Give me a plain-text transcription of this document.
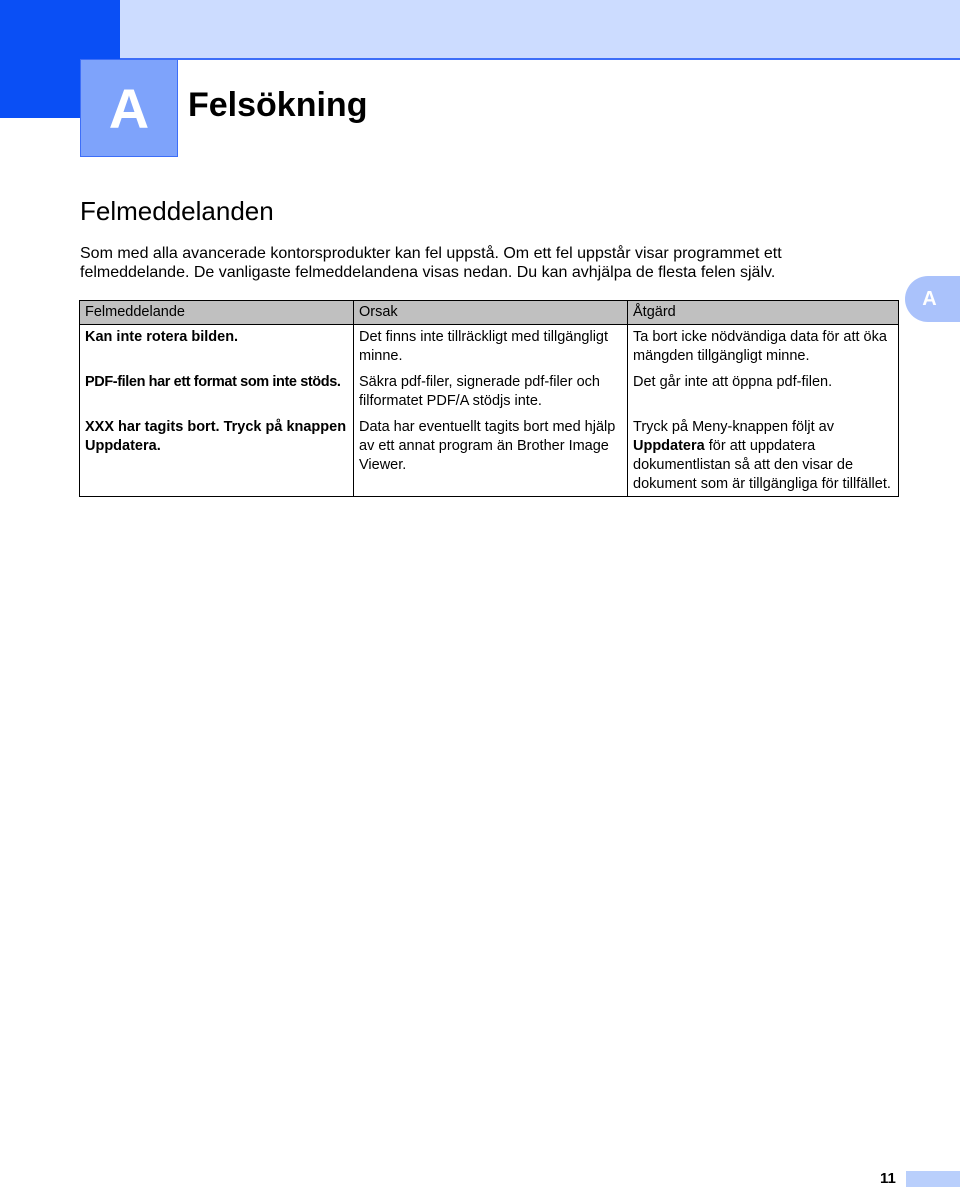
A Felsökning
A
Felmeddelanden

Som med alla avancerade kontorsprodukter kan fel uppstå. Om ett fel uppstår visar programmet ett felmeddelande. De vanligaste felmeddelandena visas nedan. Du kan avhjälpa de flesta felen själv.

Felmeddelande	Orsak	Åtgärd
Kan inte rotera bilden.	Det finns inte tillräckligt med tillgängligt minne.	Ta bort icke nödvändiga data för att öka mängden tillgängligt minne.
PDF-filen har ett format som inte stöds.	Säkra pdf-filer, signerade pdf-filer och filformatet PDF/A stödjs inte.	Det går inte att öppna pdf-filen.
XXX har tagits bort. Tryck på knappen Uppdatera.	Data har eventuellt tagits bort med hjälp av ett annat program än Brother Image Viewer.	Tryck på Meny-knappen följt av Uppdatera för att uppdatera dokumentlistan så att den visar de dokument som är tillgängliga för tillfället.
11
